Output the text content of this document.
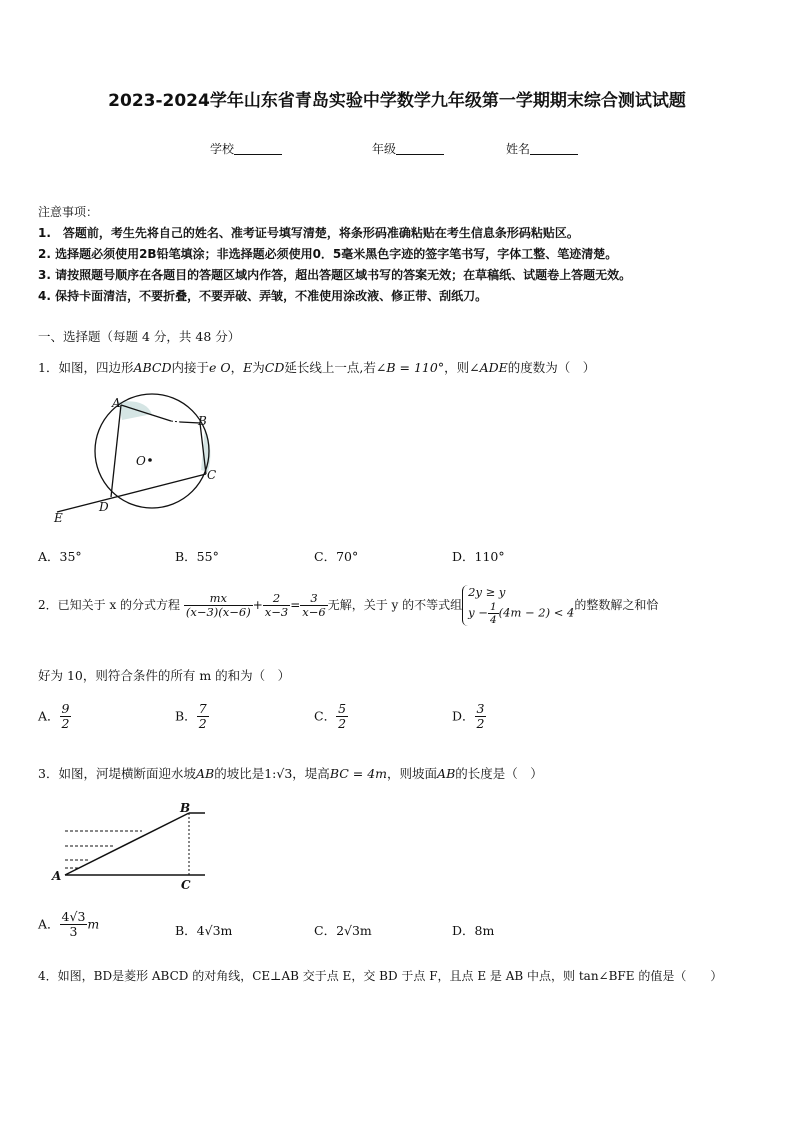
2023-2024学年山东省青岛实验中学数学九年级第一学期期末综合测试试题
学校	年级	姓名
注意事项：
1.　答题前，考生先将自己的姓名、准考证号填写清楚，将条形码准确粘贴在考生信息条形码粘贴区。
2. 选择题必须使用2B铅笔填涂；非选择题必须使用0．5毫米黑色字迹的签字笔书写，字体工整、笔迹清楚。
3. 请按照题号顺序在各题目的答题区域内作答，超出答题区域书写的答案无效；在草稿纸、试题卷上答题无效。
4. 保持卡面清洁，不要折叠，不要弄破、弄皱，不准使用涂改液、修正带、刮纸刀。
一、选择题（每题 4 分，共 48 分）
1．如图，四边形ABCD内接于e O，E为CD延长线上一点,若∠B = 110°，则∠ADE的度数为（　）
A
B
C
D
E
O
B
A
C
A．35°	B．55°	C．70°	D．110°
2．已知关于 x 的分式方程 $\frac{mx}{(x-3)(x-6)} + \frac{2}{x-3} = \frac{3}{x-6}$ 无解，关于 y 的不等式组
2y ≥ y
$y - \frac{1}{4} (4m - 2) < 4$
的整数解之和恰
好为 10，则符合条件的所有 m 的和为（　）
A． $\frac{9}{2}$	B． $\frac{7}{2}$	C． $\frac{5}{2}$	D． $\frac{3}{2}$
3．如图，河堤横断面迎水坡AB的坡比是1:√3，堤高BC = 4m，则坡面AB的长度是（　）
A． $\frac{4√3}{3}$ m	B．4√3m	C．2√3m	D．8m
4．如图，BD是菱形 ABCD 的对角线，CE⊥AB 交于点 E，交 BD 于点 F，且点 E 是 AB 中点，则 tan∠BFE 的值是（　　）
